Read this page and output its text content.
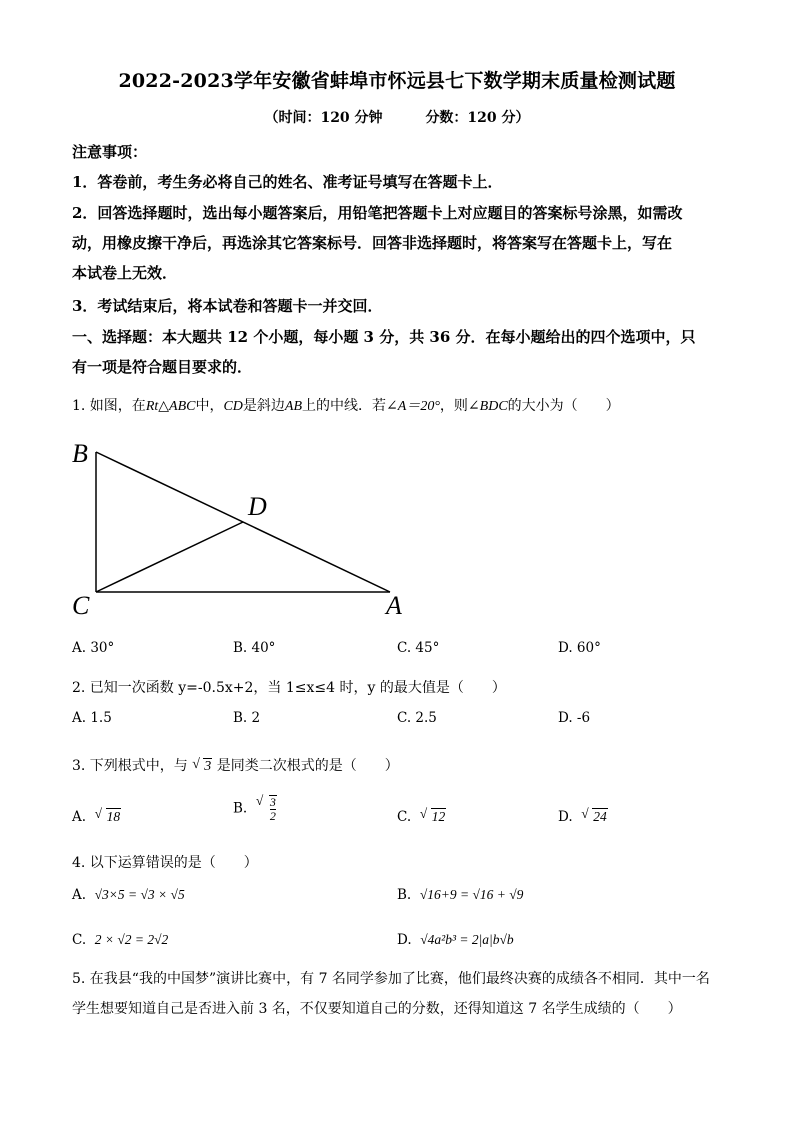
2022-2023学年安徽省蚌埠市怀远县七下数学期末质量检测试题
（时间：120 分钟	分数：120 分）
注意事项：
1．答卷前，考生务必将自己的姓名、准考证号填写在答题卡上．
2．回答选择题时，选出每小题答案后，用铅笔把答题卡上对应题目的答案标号涂黑，如需改
动，用橡皮擦干净后，再选涂其它答案标号．回答非选择题时，将答案写在答题卡上，写在
本试卷上无效．
3．考试结束后，将本试卷和答题卡一并交回．
一、选择题：本大题共 12 个小题，每小题 3 分，共 36 分．在每小题给出的四个选项中，只
有一项是符合题目要求的．
1. 如图，在Rt△ABC中，CD是斜边AB上的中线．若∠A＝20°，则∠BDC的大小为（　　）
B
D
C	A
A. 30°	B. 40°	C. 45°	D. 60°
2. 已知一次函数 y=-0.5x+2，当 1≤x≤4 时，y 的最大值是（　　）
A. 1.5	B. 2	C. 2.5	D. -6
3. 下列根式中，与 √ 3 是同类二次根式的是（　　）
A. √ 18	B. √ $\frac{3}{2}$	C. √ 12	D. √ 24
4. 以下运算错误的是（　　）
A. √3×5 = √3 × √5	B. √16+9 = √16 + √9
C. 2 × √2 = 2√2	D. √4a²b³ = 2|a|b√b
5. 在我县“我的中国梦”演讲比赛中，有 7 名同学参加了比赛，他们最终决赛的成绩各不相同．其中一名
学生想要知道自己是否进入前 3 名，不仅要知道自己的分数，还得知道这 7 名学生成绩的（　　）
